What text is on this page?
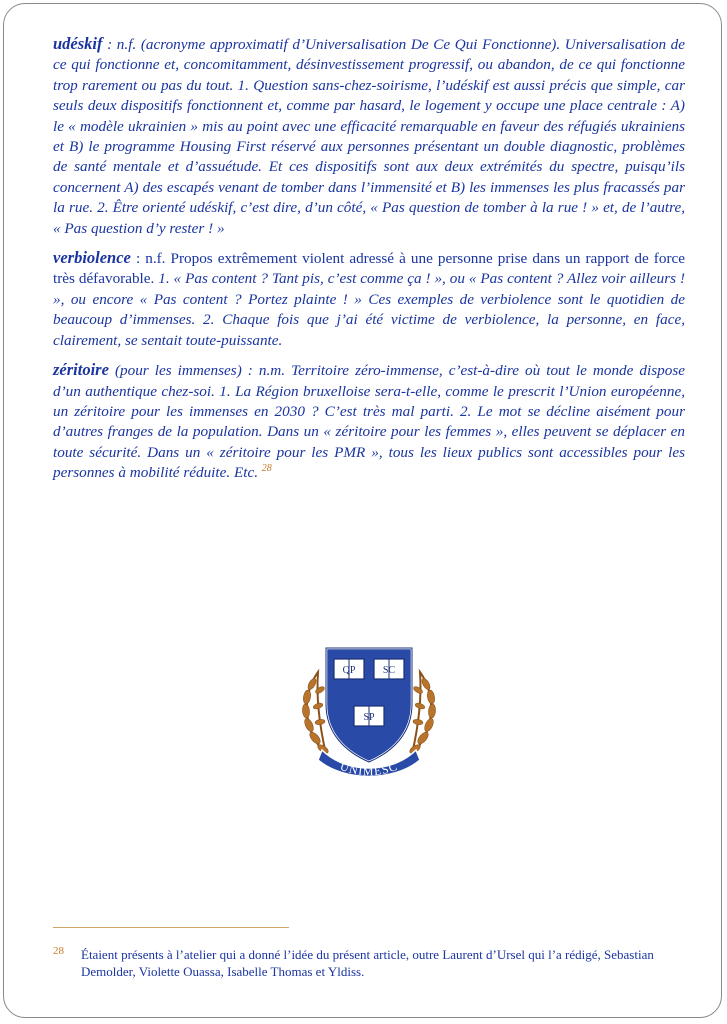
udéskif : n.f. (acronyme approximatif d’Universalisation De Ce Qui Fonctionne). Universalisation de ce qui fonctionne et, concomitamment, désinvestissement progressif, ou abandon, de ce qui fonctionne trop rarement ou pas du tout. 1. Question sans-chez-soirisme, l’udéskif est aussi précis que simple, car seuls deux dispositifs fonctionnent et, comme par hasard, le logement y occupe une place centrale : A) le « modèle ukrainien » mis au point avec une efficacité remarquable en faveur des réfugiés ukrainiens et B) le programme Housing First réservé aux personnes présentant un double diagnostic, problèmes de santé mentale et d’assuétude. Et ces dispositifs sont aux deux extrémités du spectre, puisqu’ils concernent A) des escapés venant de tomber dans l’immensité et B) les immenses les plus fracassés par la rue. 2. Être orienté udéskif, c’est dire, d’un côté, « Pas question de tomber à la rue ! » et, de l’autre, « Pas question d’y rester ! »

verbiolence : n.f. Propos extrêmement violent adressé à une personne prise dans un rapport de force très défavorable. 1. « Pas content ? Tant pis, c’est comme ça ! », ou « Pas content ? Allez voir ailleurs ! », ou encore « Pas content ? Portez plainte ! » Ces exemples de verbiolence sont le quotidien de beaucoup d’immenses. 2. Chaque fois que j’ai été victime de verbiolence, la personne, en face, clairement, se sentait toute-puissante.

zéritoire (pour les immenses) : n.m. Territoire zéro-immense, c’est-à-dire où tout le monde dispose d’un authentique chez-soi. 1. La Région bruxelloise sera-t-elle, comme le prescrit l’Union européenne, un zéritoire pour les immenses en 2030 ? C’est très mal parti. 2. Le mot se décline aisément pour d’autres franges de la population. Dans un « zéritoire pour les femmes », elles peuvent se déplacer en toute sécurité. Dans un « zéritoire pour les PMR », tous les lieux publics sont accessibles pour les personnes à mobilité réduite. Etc. $^{28}$

QP	SC
SP
UNIMESC
28 Étaient présents à l’atelier qui a donné l’idée du présent article, outre Laurent d’Ursel qui l’a rédigé, Sebastian Demolder, Violette Ouassa, Isabelle Thomas et Yldiss.
